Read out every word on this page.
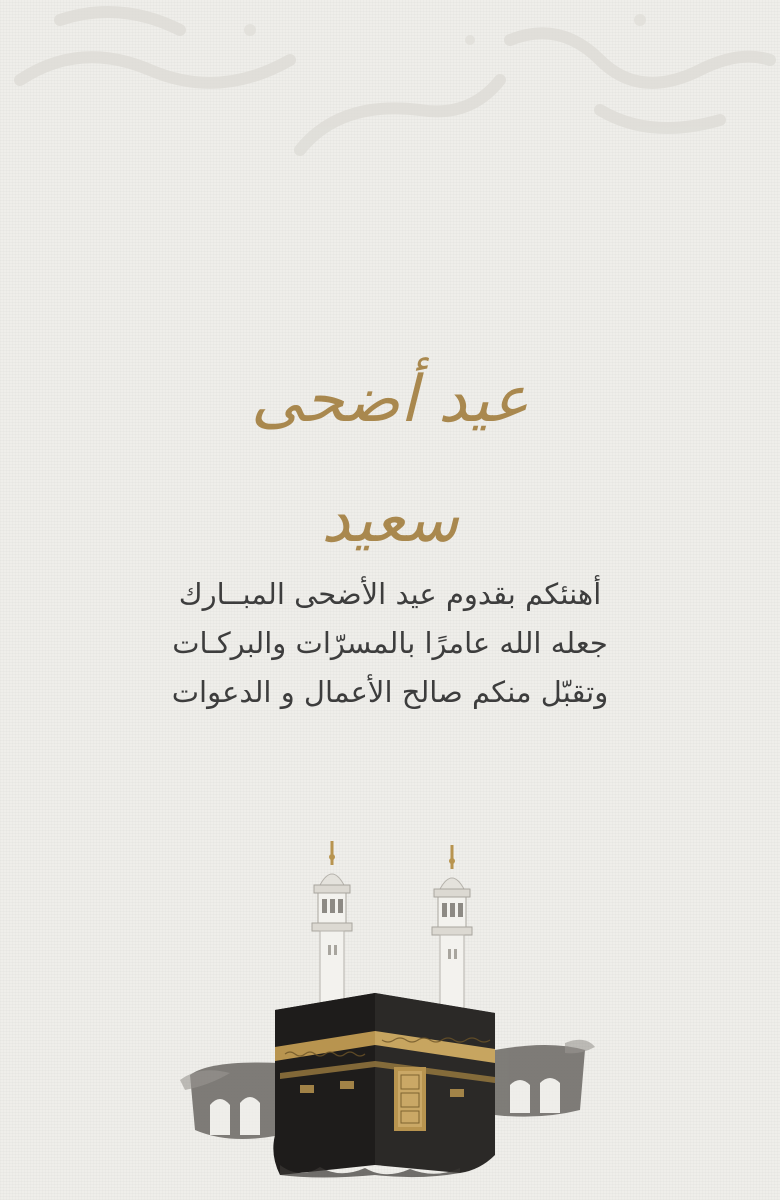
عيد أضحى سعيد
أهنئكم بقدوم عيد الأضحى المبــارك
جعله الله عامرًا بالمسرّات والبركـات
وتقبّل منكم صالح الأعمال و الدعوات
